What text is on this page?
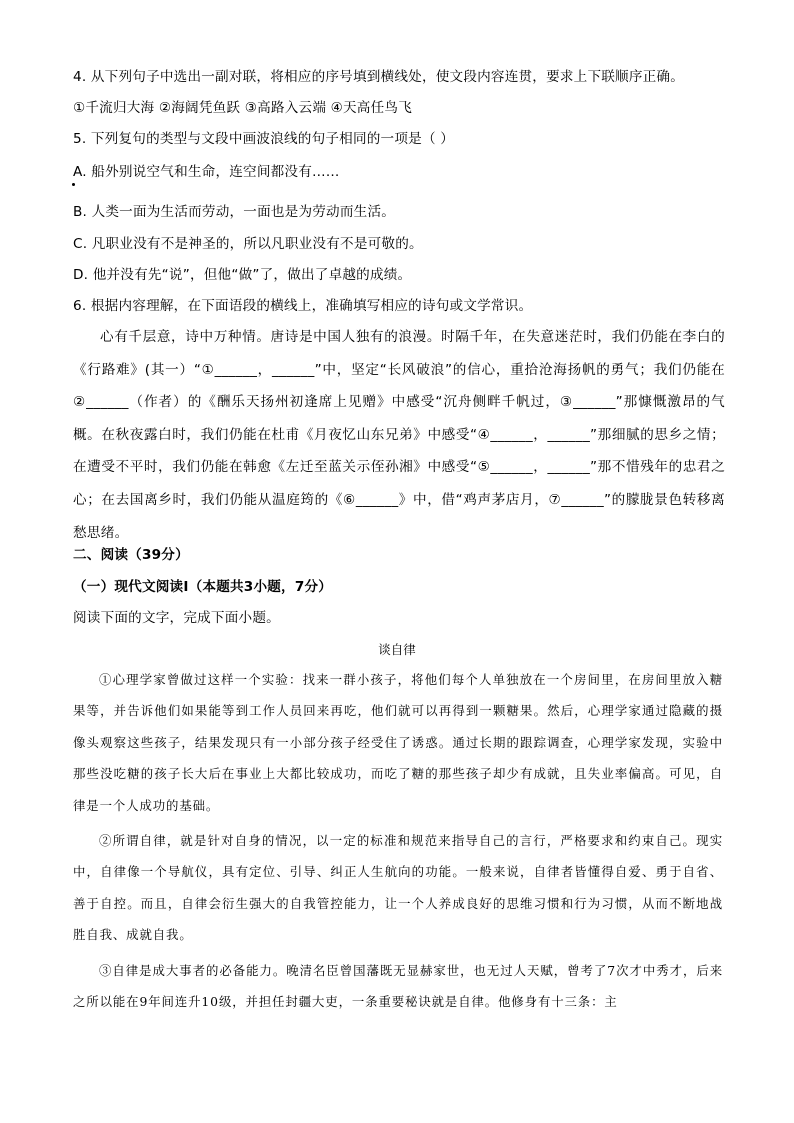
4. 从下列句子中选出一副对联，将相应的序号填到横线处，使文段内容连贯，要求上下联顺序正确。
①千流归大海 ②海阔凭鱼跃 ③高路入云端 ④天高任鸟飞
5. 下列复句的类型与文段中画波浪线的句子相同的一项是（ ）
A. 船外别说空气和生命，连空间都没有……
B. 人类一面为生活而劳动，一面也是为劳动而生活。
C. 凡职业没有不是神圣的，所以凡职业没有不是可敬的。
D. 他并没有先“说”，但他“做”了，做出了卓越的成绩。
6. 根据内容理解，在下面语段的横线上，准确填写相应的诗句或文学常识。

心有千层意，诗中万种情。唐诗是中国人独有的浪漫。时隔千年，在失意迷茫时，我们仍能在李白的《行路难》(其一）“①______，______”中，坚定“长风破浪”的信心，重拾沧海扬帆的勇气；我们仍能在②______（作者）的《酬乐天扬州初逢席上见赠》中感受“沉舟侧畔千帆过，③______”那慷慨激昂的气概。在秋夜露白时，我们仍能在杜甫《月夜忆山东兄弟》中感受“④______，______”那细腻的思乡之情；在遭受不平时，我们仍能在韩愈《左迁至蓝关示侄孙湘》中感受“⑤______，______”那不惜残年的忠君之心；在去国离乡时，我们仍能从温庭筠的《⑥______》中，借“鸡声茅店月，⑦______”的朦胧景色转移离愁思绪。

二、阅读（39分）
（一）现代文阅读Ⅰ（本题共3小题，7分）
阅读下面的文字，完成下面小题。
谈自律

①心理学家曾做过这样一个实验：找来一群小孩子，将他们每个人单独放在一个房间里，在房间里放入糖果等，并告诉他们如果能等到工作人员回来再吃，他们就可以再得到一颗糖果。然后，心理学家通过隐藏的摄像头观察这些孩子，结果发现只有一小部分孩子经受住了诱惑。通过长期的跟踪调查，心理学家发现，实验中那些没吃糖的孩子长大后在事业上大都比较成功，而吃了糖的那些孩子却少有成就，且失业率偏高。可见，自律是一个人成功的基础。

②所谓自律，就是针对自身的情况，以一定的标准和规范来指导自己的言行，严格要求和约束自己。现实中，自律像一个导航仪，具有定位、引导、纠正人生航向的功能。一般来说，自律者皆懂得自爱、勇于自省、善于自控。而且，自律会衍生强大的自我管控能力，让一个人养成良好的思维习惯和行为习惯，从而不断地战胜自我、成就自我。

③自律是成大事者的必备能力。晚清名臣曾国藩既无显赫家世，也无过人天赋，曾考了7次才中秀才，后来之所以能在9年间连升10级，并担任封疆大吏，一条重要秘诀就是自律。他修身有十三条：主
